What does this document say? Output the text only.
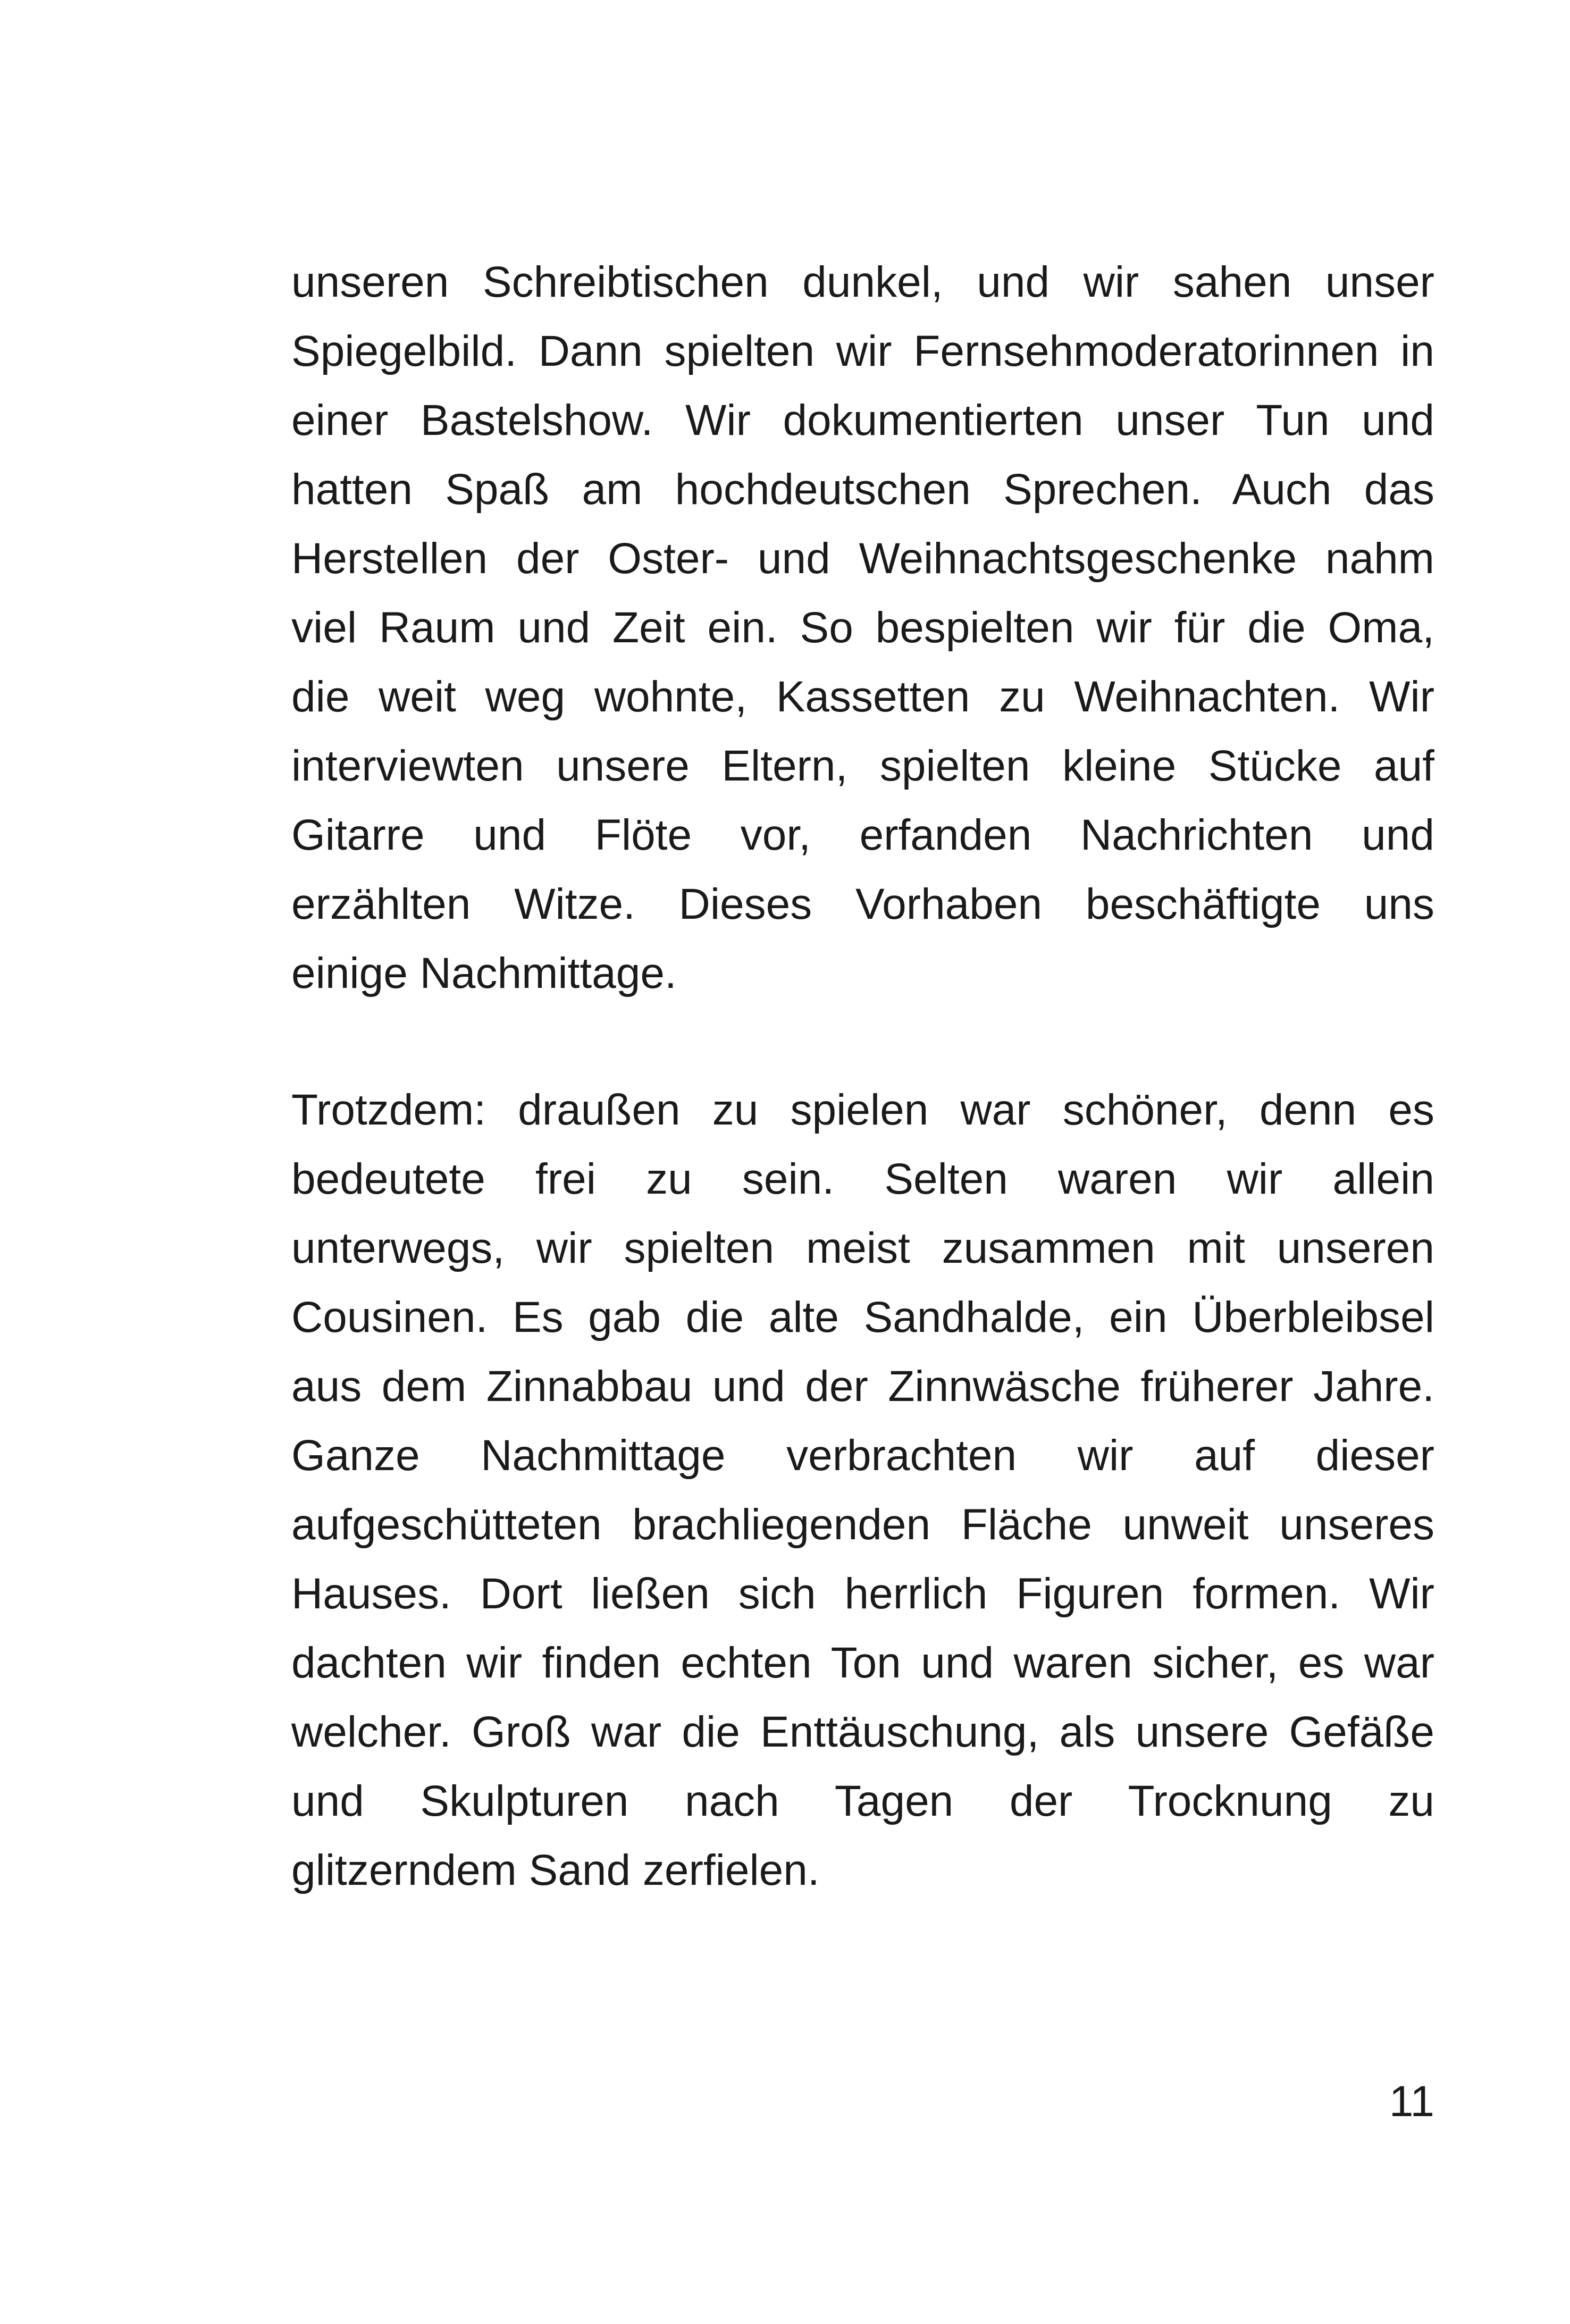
unseren Schreibtischen dunkel, und wir sahen unser
Spiegelbild. Dann spielten wir Fernsehmoderatorinnen in
einer Bastelshow. Wir dokumentierten unser Tun und
hatten Spaß am hochdeutschen Sprechen. Auch das
Herstellen der Oster- und Weihnachtsgeschenke nahm
viel Raum und Zeit ein. So bespielten wir für die Oma,
die weit weg wohnte, Kassetten zu Weihnachten. Wir
interviewten unsere Eltern, spielten kleine Stücke auf
Gitarre und Flöte vor, erfanden Nachrichten und
erzählten Witze. Dieses Vorhaben beschäftigte uns
einige Nachmittage.
Trotzdem: draußen zu spielen war schöner, denn es
bedeutete frei zu sein. Selten waren wir allein
unterwegs, wir spielten meist zusammen mit unseren
Cousinen. Es gab die alte Sandhalde, ein Überbleibsel
aus dem Zinnabbau und der Zinnwäsche früherer Jahre.
Ganze Nachmittage verbrachten wir auf dieser
aufgeschütteten brachliegenden Fläche unweit unseres
Hauses. Dort ließen sich herrlich Figuren formen. Wir
dachten wir finden echten Ton und waren sicher, es war
welcher. Groß war die Enttäuschung, als unsere Gefäße
und Skulpturen nach Tagen der Trocknung zu
glitzerndem Sand zerfielen.
11
